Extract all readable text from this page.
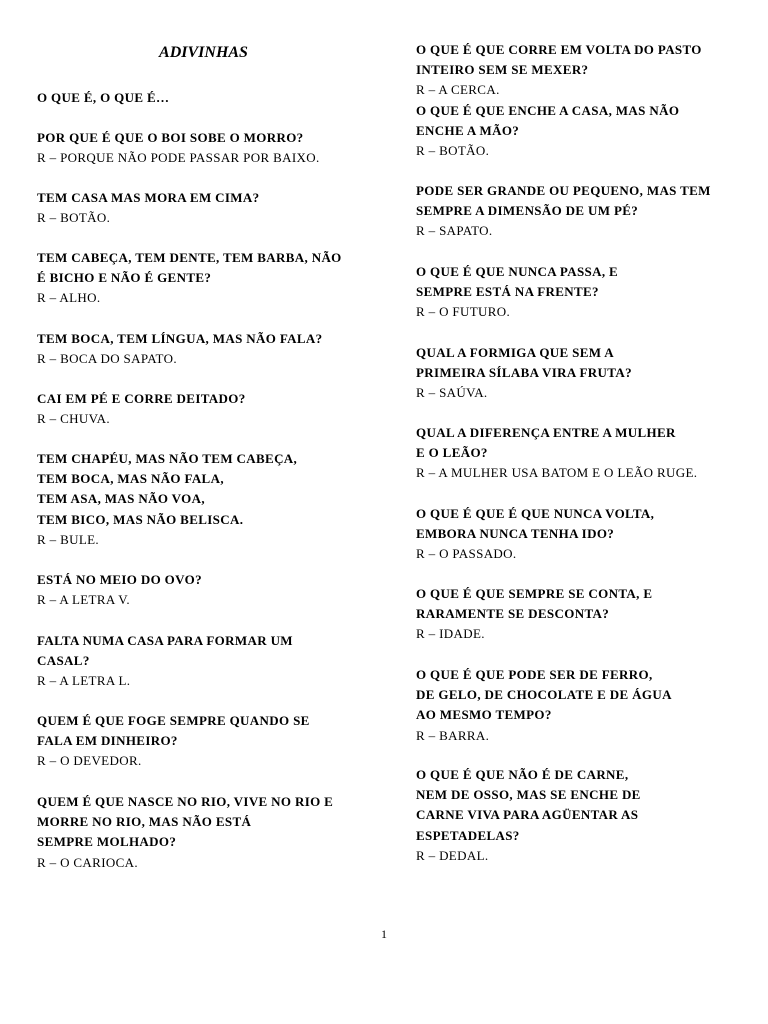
ADIVINHAS
O QUE É, O QUE É…
POR QUE É QUE O BOI SOBE O MORRO?
R – PORQUE NÃO PODE PASSAR POR BAIXO.
TEM CASA MAS MORA EM CIMA?
R – BOTÃO.
TEM CABEÇA, TEM DENTE, TEM BARBA, NÃO
É BICHO E NÃO É GENTE?
R – ALHO.
TEM BOCA, TEM LÍNGUA, MAS NÃO FALA?
R – BOCA DO SAPATO.
CAI EM PÉ E CORRE DEITADO?
R – CHUVA.
TEM CHAPÉU, MAS NÃO TEM CABEÇA,
TEM BOCA, MAS NÃO FALA,
TEM ASA, MAS NÃO VOA,
TEM BICO, MAS NÃO BELISCA.
R – BULE.
ESTÁ NO MEIO DO OVO?
R – A LETRA V.
FALTA NUMA CASA PARA FORMAR UM
CASAL?
R – A LETRA L.
QUEM É QUE FOGE SEMPRE QUANDO SE
FALA EM DINHEIRO?
R – O DEVEDOR.
QUEM É QUE NASCE NO RIO, VIVE NO RIO E
MORRE NO RIO, MAS NÃO ESTÁ
SEMPRE MOLHADO?
R – O CARIOCA.
O QUE É QUE CORRE EM VOLTA DO PASTO
INTEIRO SEM SE MEXER?
R – A CERCA.
O QUE É QUE ENCHE A CASA, MAS NÃO
ENCHE A MÃO?
R – BOTÃO.
PODE SER GRANDE OU PEQUENO, MAS TEM
SEMPRE A DIMENSÃO DE UM PÉ?
R – SAPATO.
O QUE É QUE NUNCA PASSA, E
SEMPRE ESTÁ NA FRENTE?
R – O FUTURO.
QUAL A FORMIGA QUE SEM A
PRIMEIRA SÍLABA VIRA FRUTA?
R – SAÚVA.
QUAL A DIFERENÇA ENTRE A MULHER
E O LEÃO?
R – A MULHER USA BATOM E O LEÃO RUGE.
O QUE É QUE É QUE NUNCA VOLTA,
EMBORA NUNCA TENHA IDO?
R – O PASSADO.
O QUE É QUE SEMPRE SE CONTA, E
RARAMENTE SE DESCONTA?
R – IDADE.
O QUE É QUE PODE SER DE FERRO,
DE GELO, DE CHOCOLATE E DE ÁGUA
AO MESMO TEMPO?
R – BARRA.
O QUE É QUE NÃO É DE CARNE,
NEM DE OSSO, MAS SE ENCHE DE
CARNE VIVA PARA AGÜENTAR AS
ESPETADELAS?
R – DEDAL.
1
